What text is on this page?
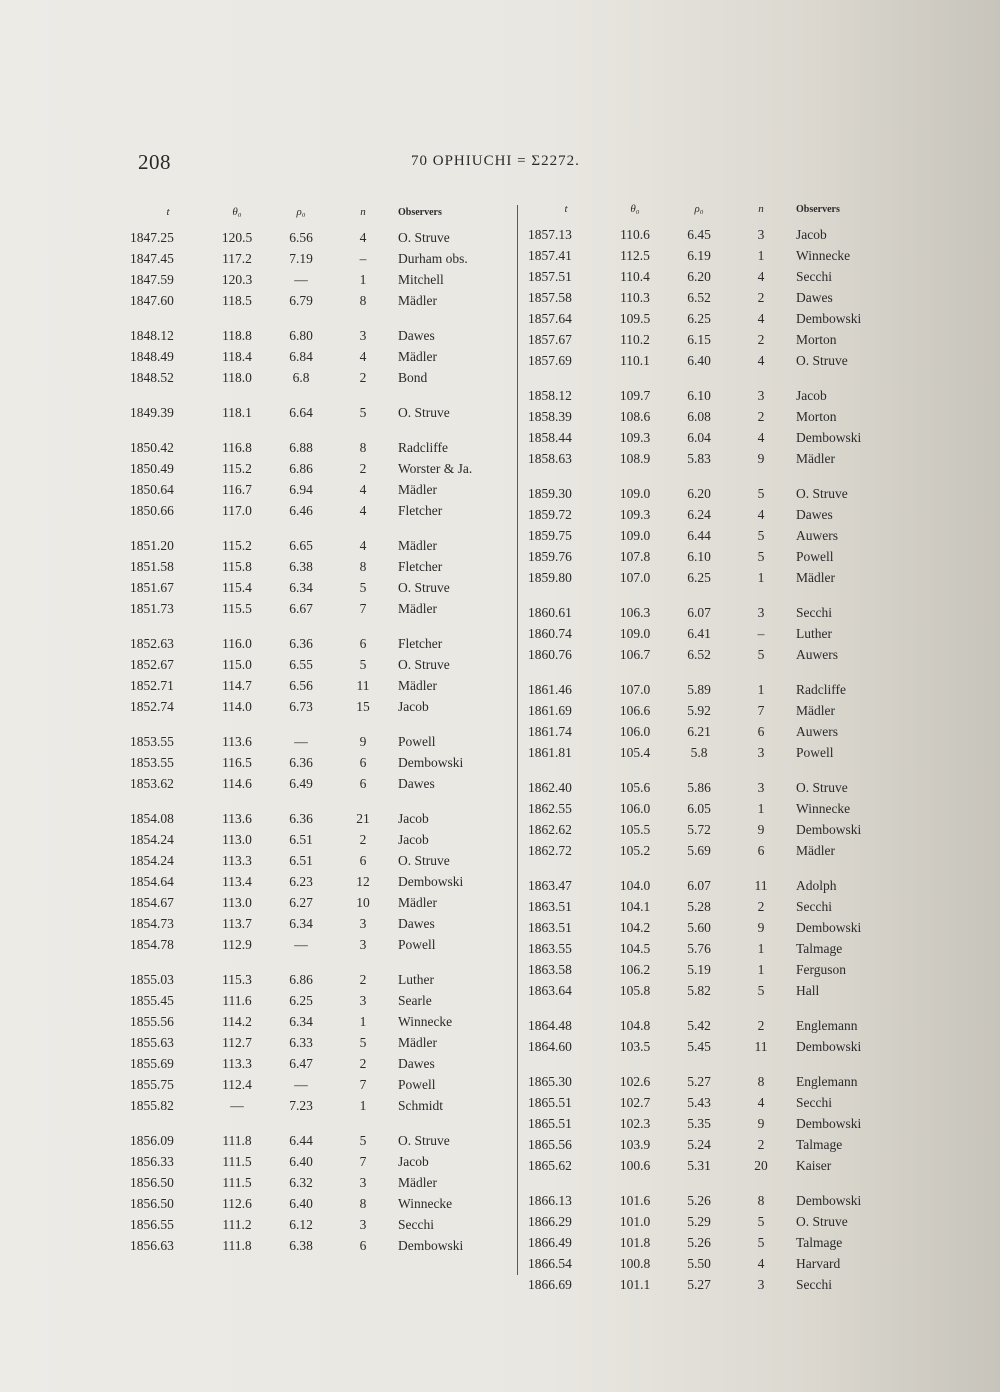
208	70 OPHIUCHI = Σ2272.
t	θ₀	ρ₀	n	Observers
1847.25	120.5	6.56	4	O. Struve
1847.45	117.2	7.19	–	Durham obs.
1847.59	120.3	—	1	Mitchell
1847.60	118.5	6.79	8	Mädler
1848.12	118.8	6.80	3	Dawes
1848.49	118.4	6.84	4	Mädler
1848.52	118.0	6.8	2	Bond
1849.39	118.1	6.64	5	O. Struve
1850.42	116.8	6.88	8	Radcliffe
1850.49	115.2	6.86	2	Worster & Ja.
1850.64	116.7	6.94	4	Mädler
1850.66	117.0	6.46	4	Fletcher
1851.20	115.2	6.65	4	Mädler
1851.58	115.8	6.38	8	Fletcher
1851.67	115.4	6.34	5	O. Struve
1851.73	115.5	6.67	7	Mädler
1852.63	116.0	6.36	6	Fletcher
1852.67	115.0	6.55	5	O. Struve
1852.71	114.7	6.56	11	Mädler
1852.74	114.0	6.73	15	Jacob
1853.55	113.6	—	9	Powell
1853.55	116.5	6.36	6	Dembowski
1853.62	114.6	6.49	6	Dawes
1854.08	113.6	6.36	21	Jacob
1854.24	113.0	6.51	2	Jacob
1854.24	113.3	6.51	6	O. Struve
1854.64	113.4	6.23	12	Dembowski
1854.67	113.0	6.27	10	Mädler
1854.73	113.7	6.34	3	Dawes
1854.78	112.9	—	3	Powell
1855.03	115.3	6.86	2	Luther
1855.45	111.6	6.25	3	Searle
1855.56	114.2	6.34	1	Winnecke
1855.63	112.7	6.33	5	Mädler
1855.69	113.3	6.47	2	Dawes
1855.75	112.4	—	7	Powell
1855.82	—	7.23	1	Schmidt
1856.09	111.8	6.44	5	O. Struve
1856.33	111.5	6.40	7	Jacob
1856.50	111.5	6.32	3	Mädler
1856.50	112.6	6.40	8	Winnecke
1856.55	111.2	6.12	3	Secchi
1856.63	111.8	6.38	6	Dembowski
t	θ₀	ρ₀	n	Observers
1857.13	110.6	6.45	3	Jacob
1857.41	112.5	6.19	1	Winnecke
1857.51	110.4	6.20	4	Secchi
1857.58	110.3	6.52	2	Dawes
1857.64	109.5	6.25	4	Dembowski
1857.67	110.2	6.15	2	Morton
1857.69	110.1	6.40	4	O. Struve
1858.12	109.7	6.10	3	Jacob
1858.39	108.6	6.08	2	Morton
1858.44	109.3	6.04	4	Dembowski
1858.63	108.9	5.83	9	Mädler
1859.30	109.0	6.20	5	O. Struve
1859.72	109.3	6.24	4	Dawes
1859.75	109.0	6.44	5	Auwers
1859.76	107.8	6.10	5	Powell
1859.80	107.0	6.25	1	Mädler
1860.61	106.3	6.07	3	Secchi
1860.74	109.0	6.41	–	Luther
1860.76	106.7	6.52	5	Auwers
1861.46	107.0	5.89	1	Radcliffe
1861.69	106.6	5.92	7	Mädler
1861.74	106.0	6.21	6	Auwers
1861.81	105.4	5.8	3	Powell
1862.40	105.6	5.86	3	O. Struve
1862.55	106.0	6.05	1	Winnecke
1862.62	105.5	5.72	9	Dembowski
1862.72	105.2	5.69	6	Mädler
1863.47	104.0	6.07	11	Adolph
1863.51	104.1	5.28	2	Secchi
1863.51	104.2	5.60	9	Dembowski
1863.55	104.5	5.76	1	Talmage
1863.58	106.2	5.19	1	Ferguson
1863.64	105.8	5.82	5	Hall
1864.48	104.8	5.42	2	Englemann
1864.60	103.5	5.45	11	Dembowski
1865.30	102.6	5.27	8	Englemann
1865.51	102.7	5.43	4	Secchi
1865.51	102.3	5.35	9	Dembowski
1865.56	103.9	5.24	2	Talmage
1865.62	100.6	5.31	20	Kaiser
1866.13	101.6	5.26	8	Dembowski
1866.29	101.0	5.29	5	O. Struve
1866.49	101.8	5.26	5	Talmage
1866.54	100.8	5.50	4	Harvard
1866.69	101.1	5.27	3	Secchi
